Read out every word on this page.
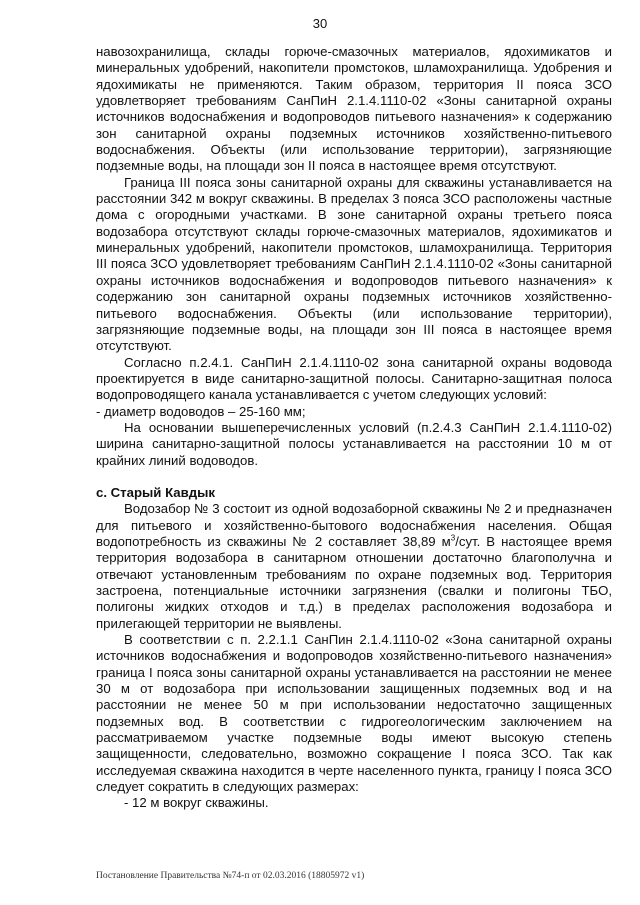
30

навозохранилища, склады горюче-смазочных материалов, ядохимикатов и минеральных удобрений, накопители промстоков, шламохранилища. Удобрения и ядохимикаты не применяются. Таким образом, территория II пояса ЗСО удовлетворяет требованиям СанПиН 2.1.4.1110-02 «Зоны санитарной охраны источников водоснабжения и водопроводов питьевого назначения» к содержанию зон санитарной охраны подземных источников хозяйственно-питьевого водоснабжения. Объекты (или использование территории), загрязняющие подземные воды, на площади зон II пояса в настоящее время отсутствуют.

Граница III пояса зоны санитарной охраны для скважины устанавливается на расстоянии 342 м вокруг скважины. В пределах 3 пояса ЗСО расположены частные дома с огородными участками. В зоне санитарной охраны третьего пояса водозабора отсутствуют склады горюче-смазочных материалов, ядохимикатов и минеральных удобрений, накопители промстоков, шламохранилища. Территория III пояса ЗСО удовлетворяет требованиям СанПиН 2.1.4.1110-02 «Зоны санитарной охраны источников водоснабжения и водопроводов питьевого назначения» к содержанию зон санитарной охраны подземных источников хозяйственно-питьевого водоснабжения. Объекты (или использование территории), загрязняющие подземные воды, на площади зон III пояса в настоящее время отсутствуют.

Согласно п.2.4.1. СанПиН 2.1.4.1110-02 зона санитарной охраны водовода проектируется в виде санитарно-защитной полосы. Санитарно-защитная полоса водопроводящего канала устанавливается с учетом следующих условий:

- диаметр водоводов – 25-160 мм;

На основании вышеперечисленных условий (п.2.4.3 СанПиН 2.1.4.1110-02) ширина санитарно-защитной полосы устанавливается на расстоянии 10 м от крайних линий водоводов.

с. Старый Кавдык

Водозабор № 3 состоит из одной водозаборной скважины № 2 и предназначен для питьевого и хозяйственно-бытового водоснабжения населения. Общая водопотребность из скважины № 2 составляет 38,89 $м^3$/сут. В настоящее время территория водозабора в санитарном отношении достаточно благополучна и отвечают установленным требованиям по охране подземных вод. Территория застроена, потенциальные источники загрязнения (свалки и полигоны ТБО, полигоны жидких отходов и т.д.) в пределах расположения водозабора и прилегающей территории не выявлены.

В соответствии с п. 2.2.1.1 СанПин 2.1.4.1110-02 «Зона санитарной охраны источников водоснабжения и водопроводов хозяйственно-питьевого назначения» граница I пояса зоны санитарной охраны устанавливается на расстоянии не менее 30 м от водозабора при использовании защищенных подземных вод и на расстоянии не менее 50 м при использовании недостаточно защищенных подземных вод. В соответствии с гидрогеологическим заключением на рассматриваемом участке подземные воды имеют высокую степень защищенности, следовательно, возможно сокращение I пояса ЗСО. Так как исследуемая скважина находится в черте населенного пункта, границу I пояса ЗСО следует сократить в следующих размерах:

- 12 м вокруг скважины.

Постановление Правительства №74-п от 02.03.2016 (18805972 v1)
